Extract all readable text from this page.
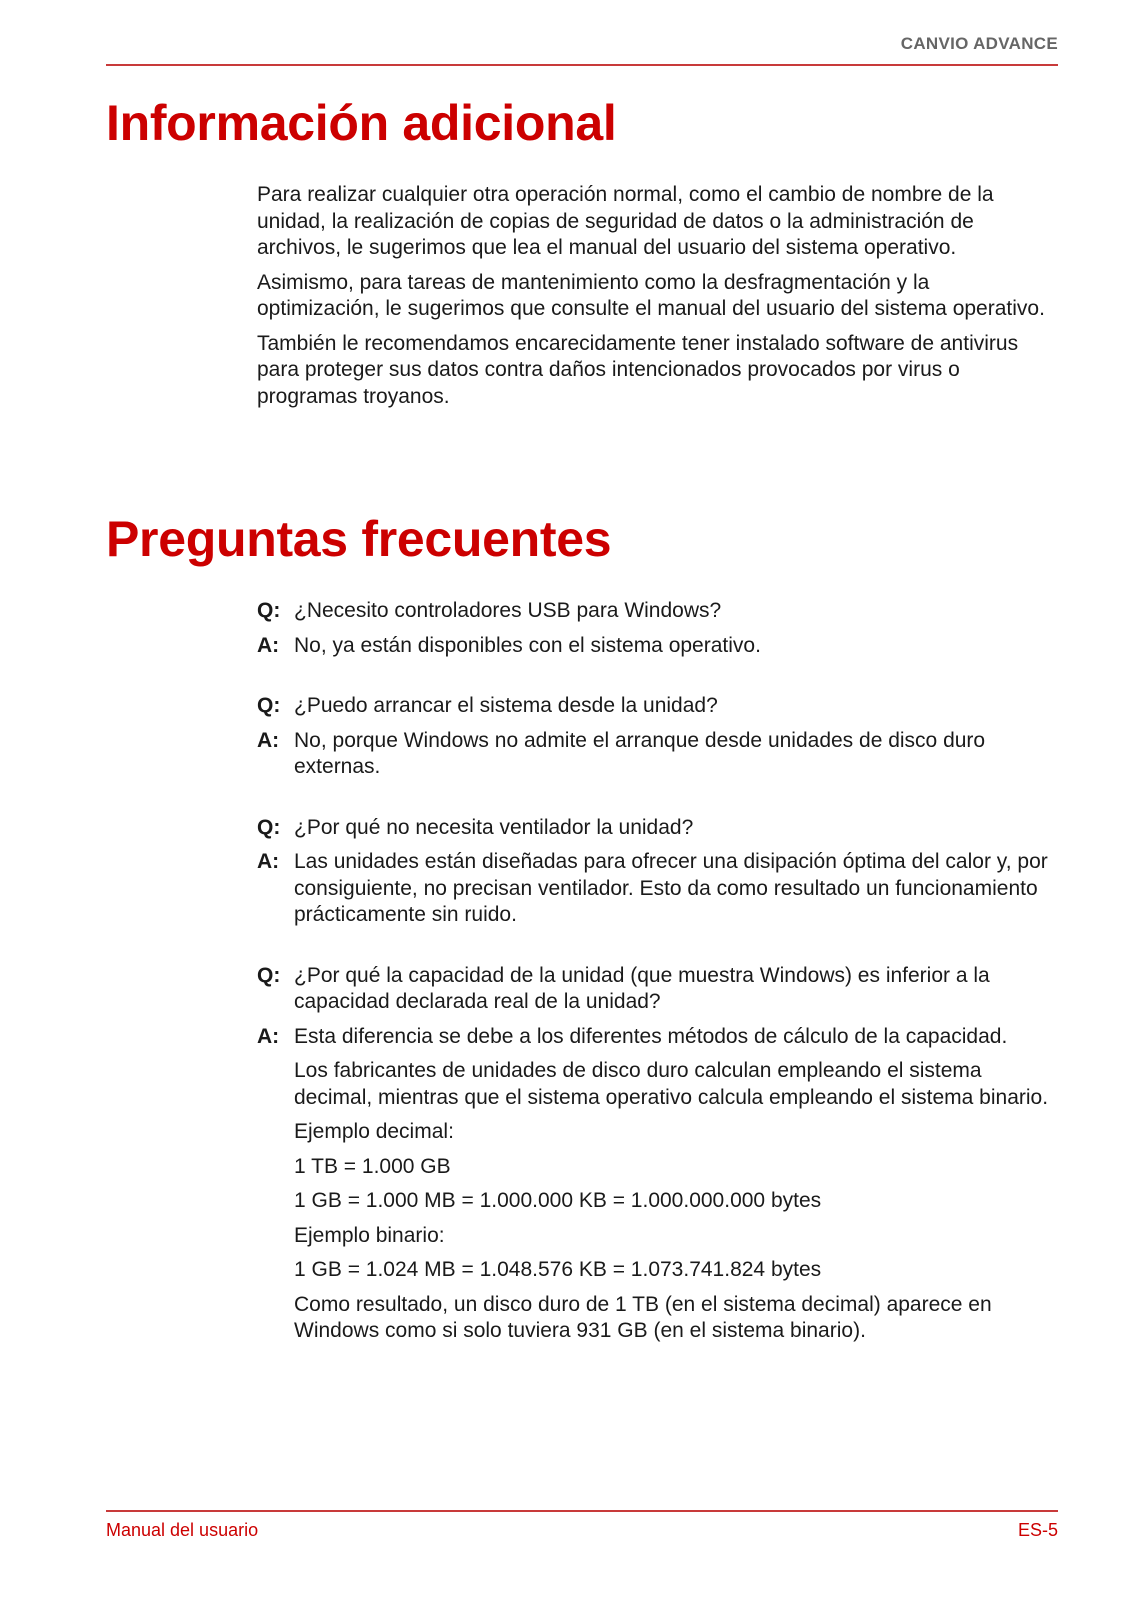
CANVIO ADVANCE
Información adicional

Para realizar cualquier otra operación normal, como el cambio de nombre de la unidad, la realización de copias de seguridad de datos o la administración de archivos, le sugerimos que lea el manual del usuario del sistema operativo.

Asimismo, para tareas de mantenimiento como la desfragmentación y la optimización, le sugerimos que consulte el manual del usuario del sistema operativo.

También le recomendamos encarecidamente tener instalado software de antivirus para proteger sus datos contra daños intencionados provocados por virus o programas troyanos.

Preguntas frecuentes
Q: ¿Necesito controladores USB para Windows?
A: No, ya están disponibles con el sistema operativo.
Q: ¿Puedo arrancar el sistema desde la unidad?
A: No, porque Windows no admite el arranque desde unidades de disco duro externas.
Q: ¿Por qué no necesita ventilador la unidad?
A: Las unidades están diseñadas para ofrecer una disipación óptima del calor y, por consiguiente, no precisan ventilador. Esto da como resultado un funcionamiento prácticamente sin ruido.
Q: ¿Por qué la capacidad de la unidad (que muestra Windows) es inferior a la capacidad declarada real de la unidad?
A: Esta diferencia se debe a los diferentes métodos de cálculo de la capacidad.

Los fabricantes de unidades de disco duro calculan empleando el sistema decimal, mientras que el sistema operativo calcula empleando el sistema binario.

Ejemplo decimal:

1 TB = 1.000 GB

1 GB = 1.000 MB = 1.000.000 KB = 1.000.000.000 bytes

Ejemplo binario:

1 GB = 1.024 MB = 1.048.576 KB = 1.073.741.824 bytes

Como resultado, un disco duro de 1 TB (en el sistema decimal) aparece en Windows como si solo tuviera 931 GB (en el sistema binario).

Manual del usuario	ES-5
